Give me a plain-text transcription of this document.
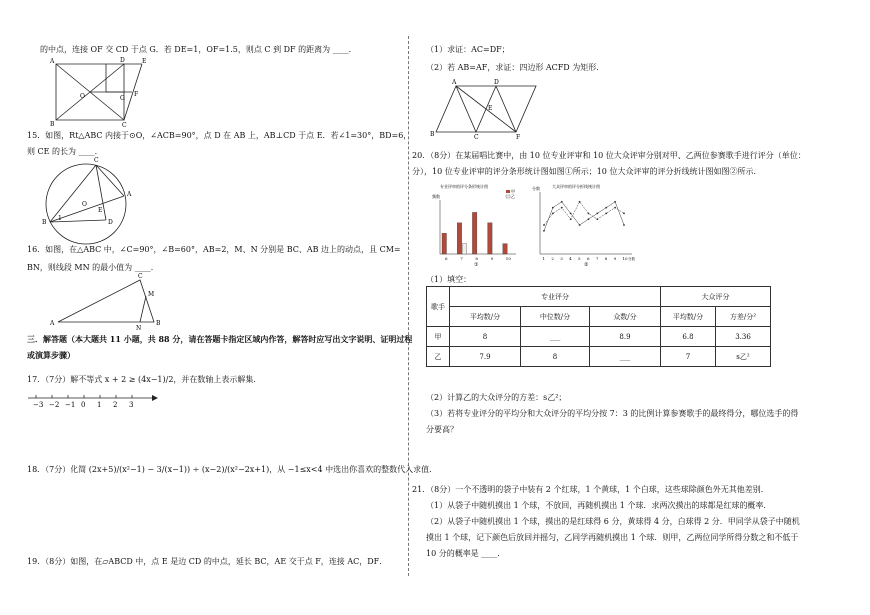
的中点，连接 OF 交 CD 于点 G．若 DE=1，OF=1.5，则点 C 到 DF 的距离为 ____．
A	D	E
O	G
F
B	C
15．如图，Rt△ABC 内接于⊙O，∠ACB=90°，点 D 在 AB 上，AB⊥CD 于点 E．若∠1=30°，BD=6，
则 CE 的长为 ____．
C
A
O
E
D
B
1
16．如图，在△ABC 中，∠C=90°，∠B=60°，AB=2，M、N 分别是 BC、AB 边上的动点，且 CM=
BN，则线段 MN 的最小值为 ____．
C
M
A
N
B
三．解答题（本大题共 11 小题，共 88 分，请在答题卡指定区域内作答，解答时应写出文字说明、证明过程
或演算步骤）
17．（7分）解不等式 x + 2 ≥ (4x−1)/2，并在数轴上表示解集．
−3 −2 −1 0 1 2 3
18．（7分）化简 (2x+5)/(x²−1) − 3/(x−1)) ÷ (x−2)/(x²−2x+1)，从 −1≤x<4 中选出你喜欢的整数代入求值．
19．（8分）如图，在▱ABCD 中，点 E 是边 CD 的中点，延长 BC，AE 交于点 F，连接 AC，DF．
（1）求证：AC=DF；
（2）若 AB=AF，求证：四边形 ACFD 为矩形．
A	D
E
B	C	F
20．（8分）在某届唱比赛中，由 10 位专业评审和 10 位大众评审分别对甲、乙两位参赛歌手进行评分（单位：
分），10 位专业评审的评分条形统计图如图①所示；10 位大众评审的评分折线统计图如图②所示．
专业评审的评分条形统计图
频数
甲
乙
6	7	8	9	10
①
大众评审的评分折线统计图
分数
分数
1 2 3 4 5 6 7 8 9 10
②
（1）填空：
歌手	专业评分			大众评分	
	平均数/分	中位数/分	众数/分	平均数/分	方差/分²
甲	8	___	8.9	6.8	3.36
乙	7.9	8	___	7	s乙²
（2）计算乙的大众评分的方差：s乙²；
（3）若将专业评分的平均分和大众评分的平均分按 7：3 的比例计算参赛歌手的最终得分，哪位选手的得
分要高？
21．（8分）一个不透明的袋子中装有 2 个红球，1 个黄球，1 个白球，这些球除颜色外无其他差别．
（1）从袋子中随机摸出 1 个球，不放回，再随机摸出 1 个球．求两次摸出的球都是红球的概率．
（2）从袋子中随机摸出 1 个球，摸出的是红球得 6 分，黄球得 4 分，白球得 2 分．甲同学从袋子中随机
摸出 1 个球，记下颜色后放回并摇匀，乙同学再随机摸出 1 个球．则甲，乙两位同学所得分数之和不低于
10 分的概率是 ____．
